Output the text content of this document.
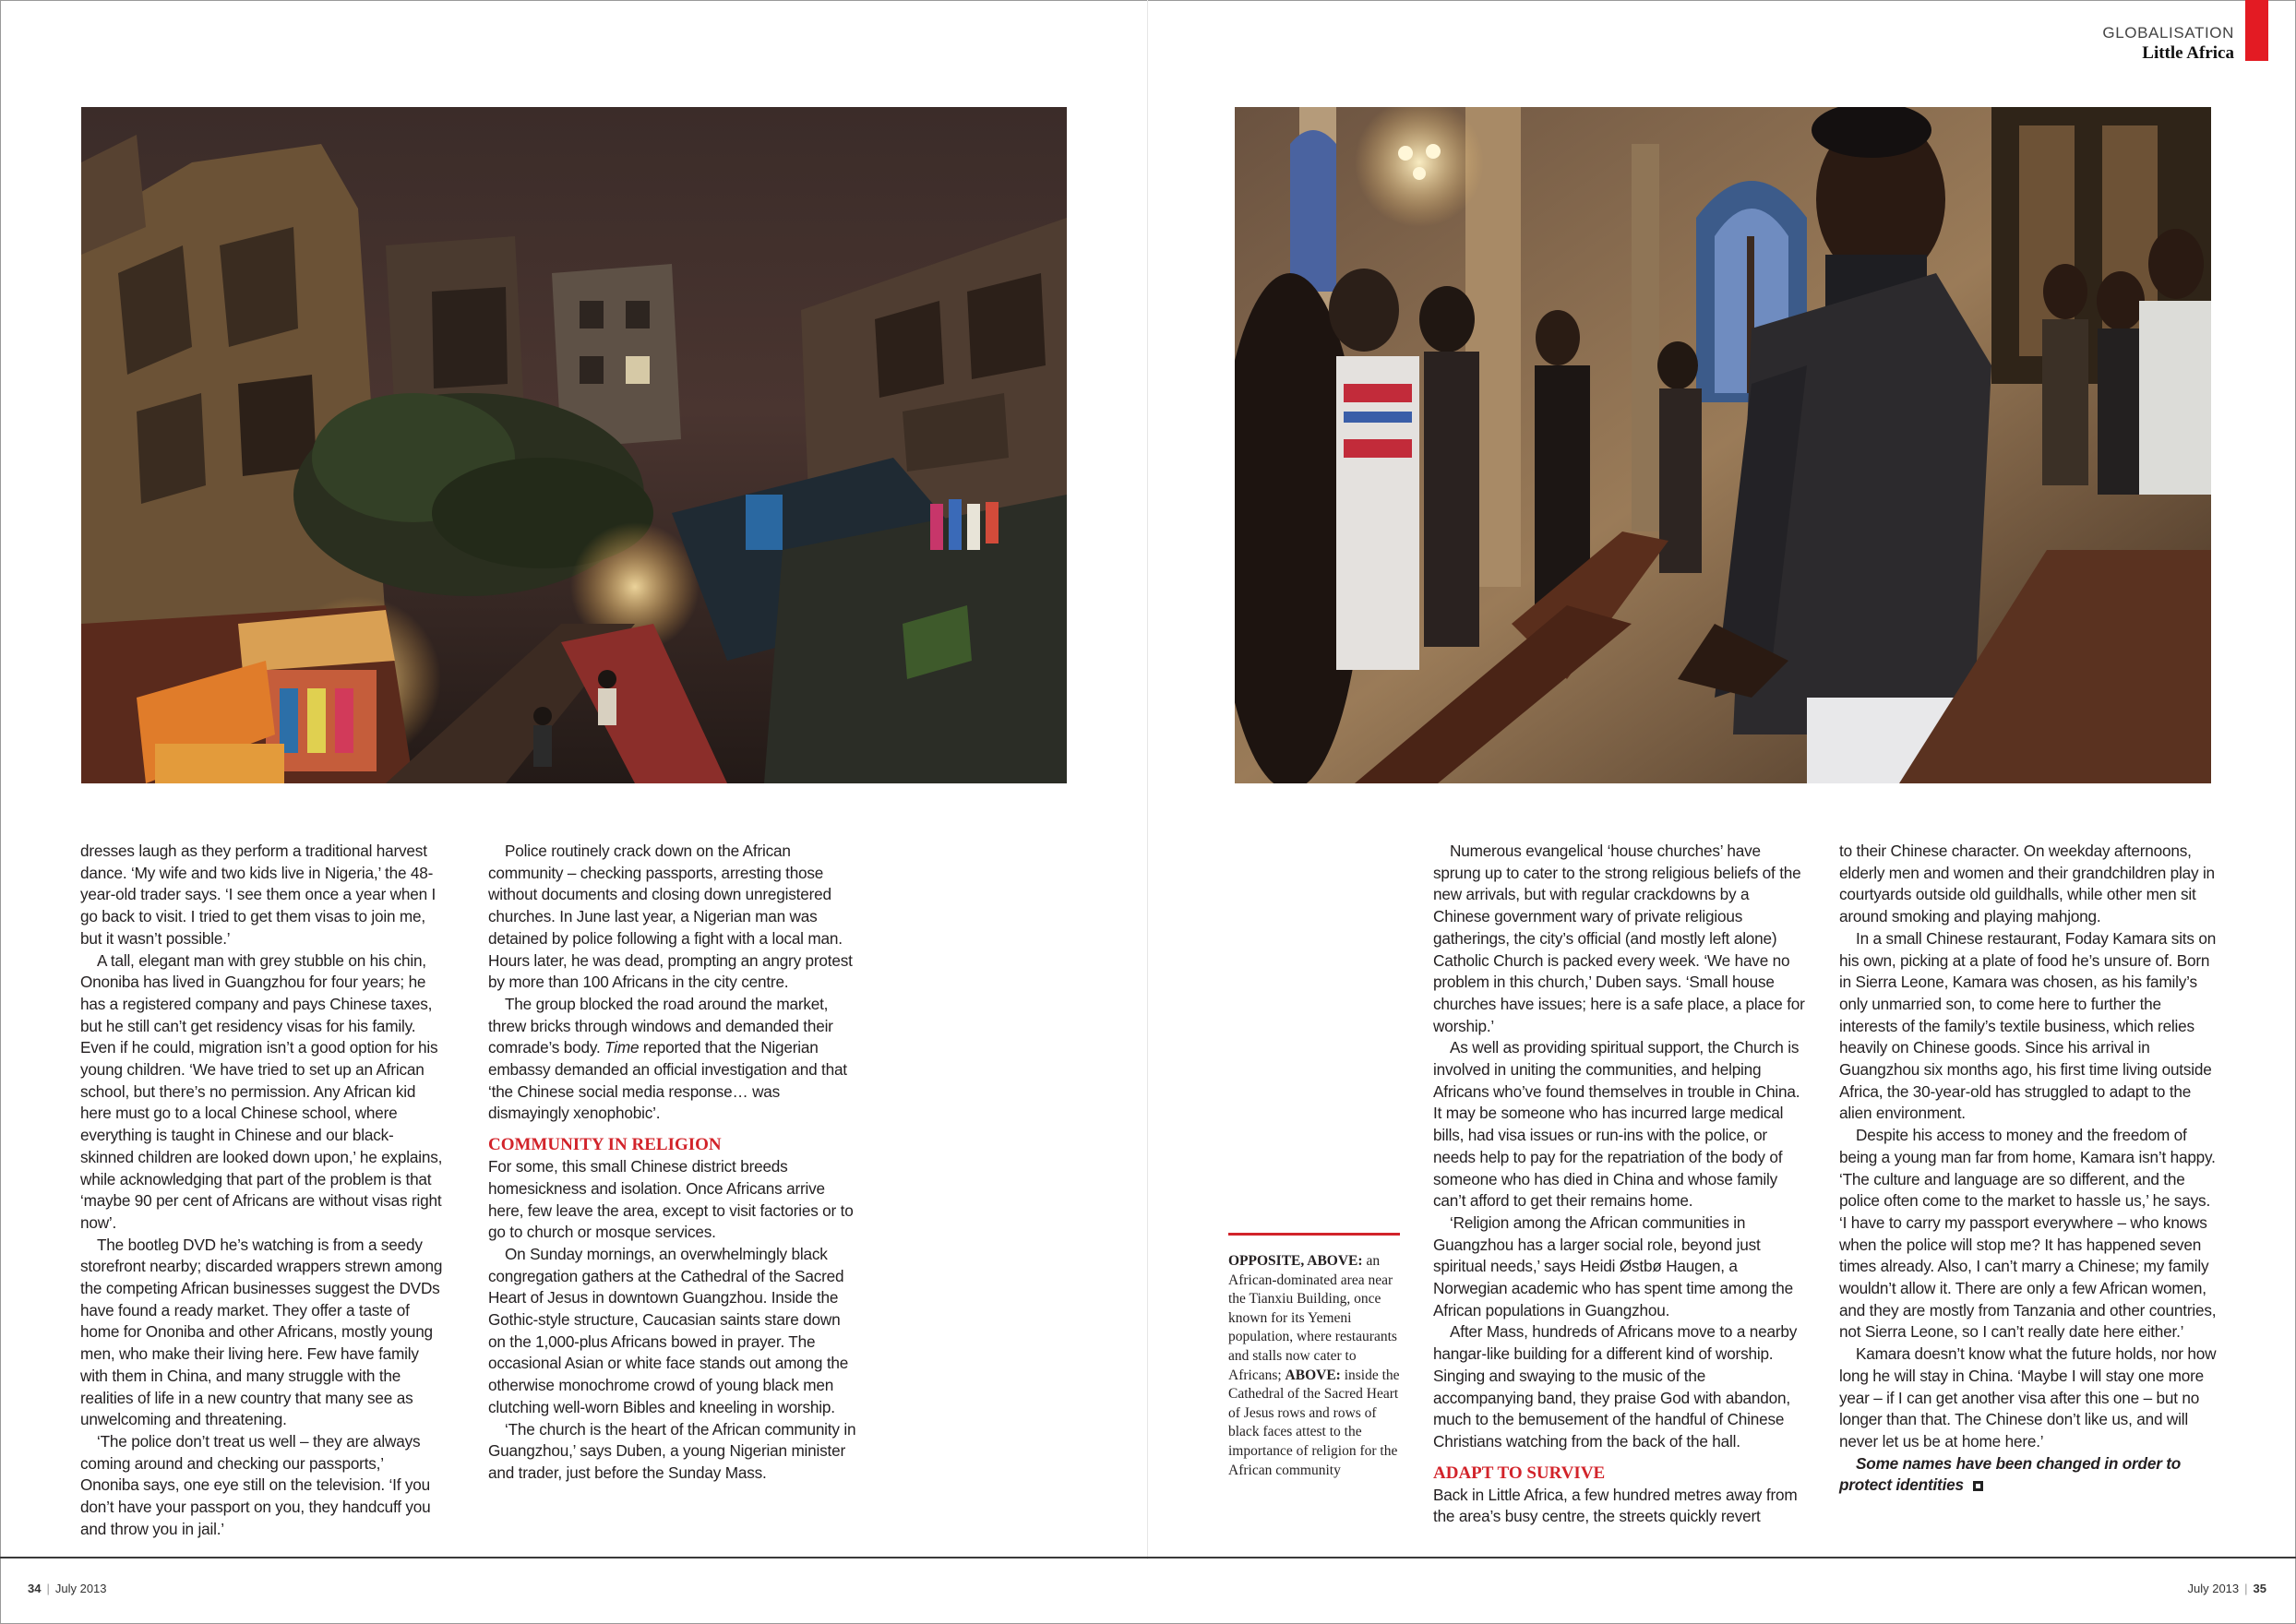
GLOBALISATION
Little Africa

dresses laugh as they perform a traditional harvest dance. ‘My wife and two kids live in Nigeria,’ the 48-year-old trader says. ‘I see them once a year when I go back to visit. I tried to get them visas to join me, but it wasn’t possible.’

A tall, elegant man with grey stubble on his chin, Ononiba has lived in Guangzhou for four years; he has a registered company and pays Chinese taxes, but he still can’t get residency visas for his family. Even if he could, migration isn’t a good option for his young children. ‘We have tried to set up an African school, but there’s no permission. Any African kid here must go to a local Chinese school, where everything is taught in Chinese and our black-skinned children are looked down upon,’ he explains, while acknowledging that part of the problem is that ‘maybe 90 per cent of Africans are without visas right now’.

The bootleg DVD he’s watching is from a seedy storefront nearby; discarded wrappers strewn among the competing African businesses suggest the DVDs have found a ready market. They offer a taste of home for Ononiba and other Africans, mostly young men, who make their living here. Few have family with them in China, and many struggle with the realities of life in a new country that many see as unwelcoming and threatening.

‘The police don’t treat us well – they are always coming around and checking our passports,’ Ononiba says, one eye still on the television. ‘If you don’t have your passport on you, they handcuff you and throw you in jail.’

Police routinely crack down on the African community – checking passports, arresting those without documents and closing down unregistered churches. In June last year, a Nigerian man was detained by police following a fight with a local man. Hours later, he was dead, prompting an angry protest by more than 100 Africans in the city centre.

The group blocked the road around the market, threw bricks through windows and demanded their comrade’s body. Time reported that the Nigerian embassy demanded an official investigation and that ‘the Chinese social media response… was dismayingly xenophobic’.

COMMUNITY IN RELIGION

For some, this small Chinese district breeds homesickness and isolation. Once Africans arrive here, few leave the area, except to visit factories or to go to church or mosque services.

On Sunday mornings, an overwhelmingly black congregation gathers at the Cathedral of the Sacred Heart of Jesus in downtown Guangzhou. Inside the Gothic-style structure, Caucasian saints stare down on the 1,000-plus Africans bowed in prayer. The occasional Asian or white face stands out among the otherwise monochrome crowd of young black men clutching well-worn Bibles and kneeling in worship.

‘The church is the heart of the African community in Guangzhou,’ says Duben, a young Nigerian minister and trader, just before the Sunday Mass.

OPPOSITE, ABOVE: an African-dominated area near the Tianxiu Building, once known for its Yemeni population, where restaurants and stalls now cater to Africans; ABOVE: inside the Cathedral of the Sacred Heart of Jesus rows and rows of black faces attest to the importance of religion for the African community

Numerous evangelical ‘house churches’ have sprung up to cater to the strong religious beliefs of the new arrivals, but with regular crackdowns by a Chinese government wary of private religious gatherings, the city’s official (and mostly left alone) Catholic Church is packed every week. ‘We have no problem in this church,’ Duben says. ‘Small house churches have issues; here is a safe place, a place for worship.’

As well as providing spiritual support, the Church is involved in uniting the communities, and helping Africans who’ve found themselves in trouble in China. It may be someone who has incurred large medical bills, had visa issues or run-ins with the police, or needs help to pay for the repatriation of the body of someone who has died in China and whose family can’t afford to get their remains home.

‘Religion among the African communities in Guangzhou has a larger social role, beyond just spiritual needs,’ says Heidi Østbø Haugen, a Norwegian academic who has spent time among the African populations in Guangzhou.

After Mass, hundreds of Africans move to a nearby hangar-like building for a different kind of worship. Singing and swaying to the music of the accompanying band, they praise God with abandon, much to the bemusement of the handful of Chinese Christians watching from the back of the hall.

ADAPT TO SURVIVE

Back in Little Africa, a few hundred metres away from the area’s busy centre, the streets quickly revert

to their Chinese character. On weekday afternoons, elderly men and women and their grandchildren play in courtyards outside old guildhalls, while other men sit around smoking and playing mahjong.

In a small Chinese restaurant, Foday Kamara sits on his own, picking at a plate of food he’s unsure of. Born in Sierra Leone, Kamara was chosen, as his family’s only unmarried son, to come here to further the interests of the family’s textile business, which relies heavily on Chinese goods. Since his arrival in Guangzhou six months ago, his first time living outside Africa, the 30-year-old has struggled to adapt to the alien environment.

Despite his access to money and the freedom of being a young man far from home, Kamara isn’t happy. ‘The culture and language are so different, and the police often come to the market to hassle us,’ he says. ‘I have to carry my passport everywhere – who knows when the police will stop me? It has happened seven times already. Also, I can’t marry a Chinese; my family wouldn’t allow it. There are only a few African women, and they are mostly from Tanzania and other countries, not Sierra Leone, so I can’t really date here either.’

Kamara doesn’t know what the future holds, nor how long he will stay in China. ‘Maybe I will stay one more year – if I can get another visa after this one – but no longer than that. The Chinese don’t like us, and will never let us be at home here.’

Some names have been changed in order to protect identities

34 | July 2013	July 2013 | 35
